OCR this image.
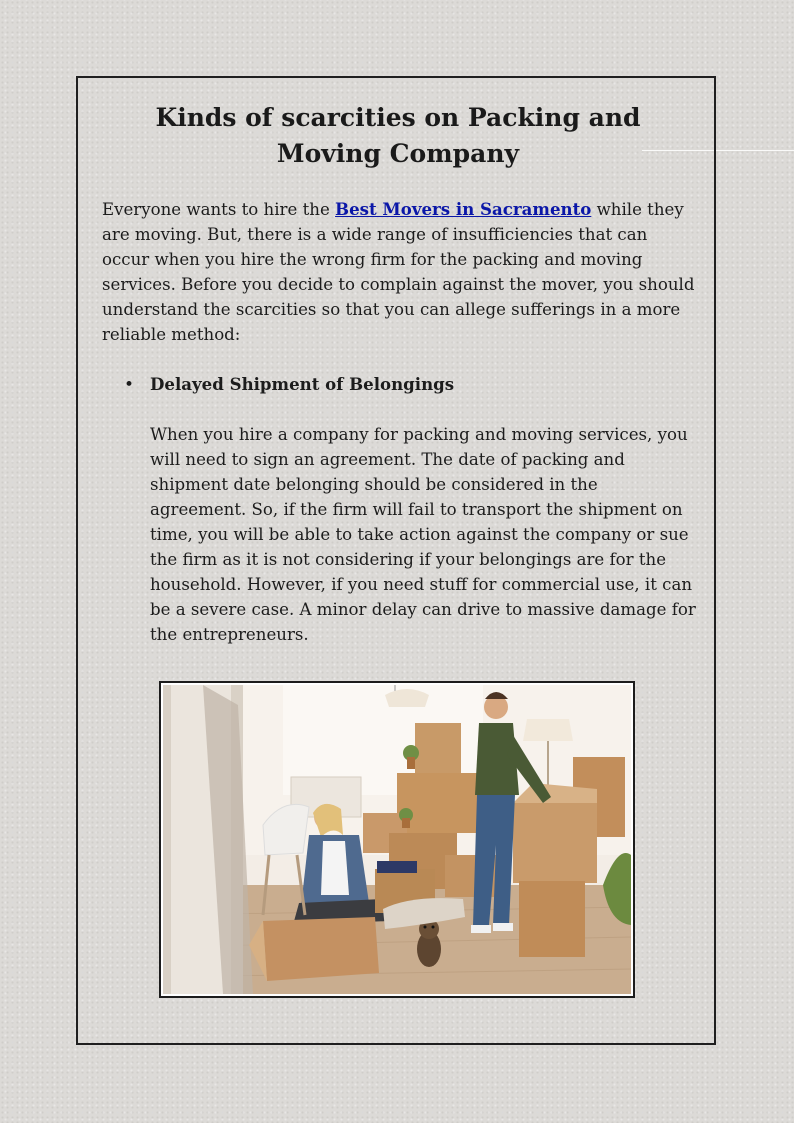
Kinds of scarcities on Packing and Moving Company

Everyone wants to hire the Best Movers in Sacramento while they are moving. But, there is a wide range of insufficiencies that can occur when you hire the wrong firm for the packing and moving services. Before you decide to complain against the mover, you should understand the scarcities so that you can allege sufferings in a more reliable method:

• Delayed Shipment of Belongings

When you hire a company for packing and moving services, you will need to sign an agreement. The date of packing and shipment date belonging should be considered in the agreement. So, if the firm will fail to transport the shipment on time, you will be able to take action against the company or sue the firm as it is not considering if your belongings are for the household. However, if you need stuff for commercial use, it can be a severe case. A minor delay can drive to massive damage for the entrepreneurs.
